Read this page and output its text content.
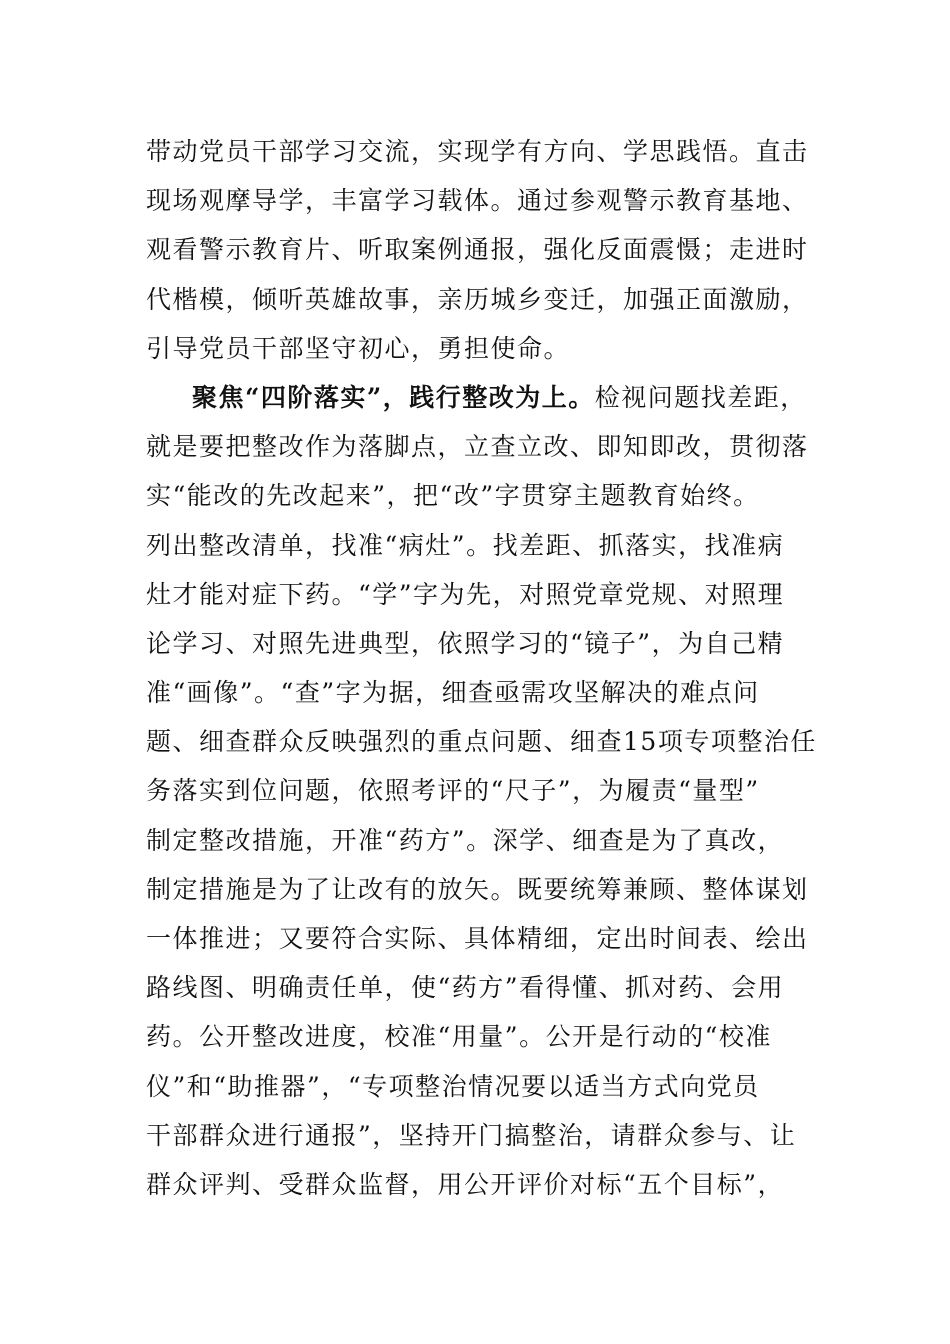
带动党员干部学习交流，实现学有方向、学思践悟。直击
现场观摩导学，丰富学习载体。通过参观警示教育基地、
观看警示教育片、听取案例通报，强化反面震慑；走进时
代楷模，倾听英雄故事，亲历城乡变迁，加强正面激励，
引导党员干部坚守初心，勇担使命。
聚焦“四阶落实”，践行整改为上。检视问题找差距，
就是要把整改作为落脚点，立查立改、即知即改，贯彻落
实“能改的先改起来”，把“改”字贯穿主题教育始终。
列出整改清单，找准“病灶”。找差距、抓落实，找准病
灶才能对症下药。“学”字为先，对照党章党规、对照理
论学习、对照先进典型，依照学习的“镜子”，为自己精
准“画像”。“查”字为据，细查亟需攻坚解决的难点问
题、细查群众反映强烈的重点问题、细查15项专项整治任
务落实到位问题，依照考评的“尺子”，为履责“量型”
制定整改措施，开准“药方”。深学、细查是为了真改，
制定措施是为了让改有的放矢。既要统筹兼顾、整体谋划
一体推进；又要符合实际、具体精细，定出时间表、绘出
路线图、明确责任单，使“药方”看得懂、抓对药、会用
药。公开整改进度，校准“用量”。公开是行动的“校准
仪”和“助推器”，“专项整治情况要以适当方式向党员
干部群众进行通报”，坚持开门搞整治，请群众参与、让
群众评判、受群众监督，用公开评价对标“五个目标”，
